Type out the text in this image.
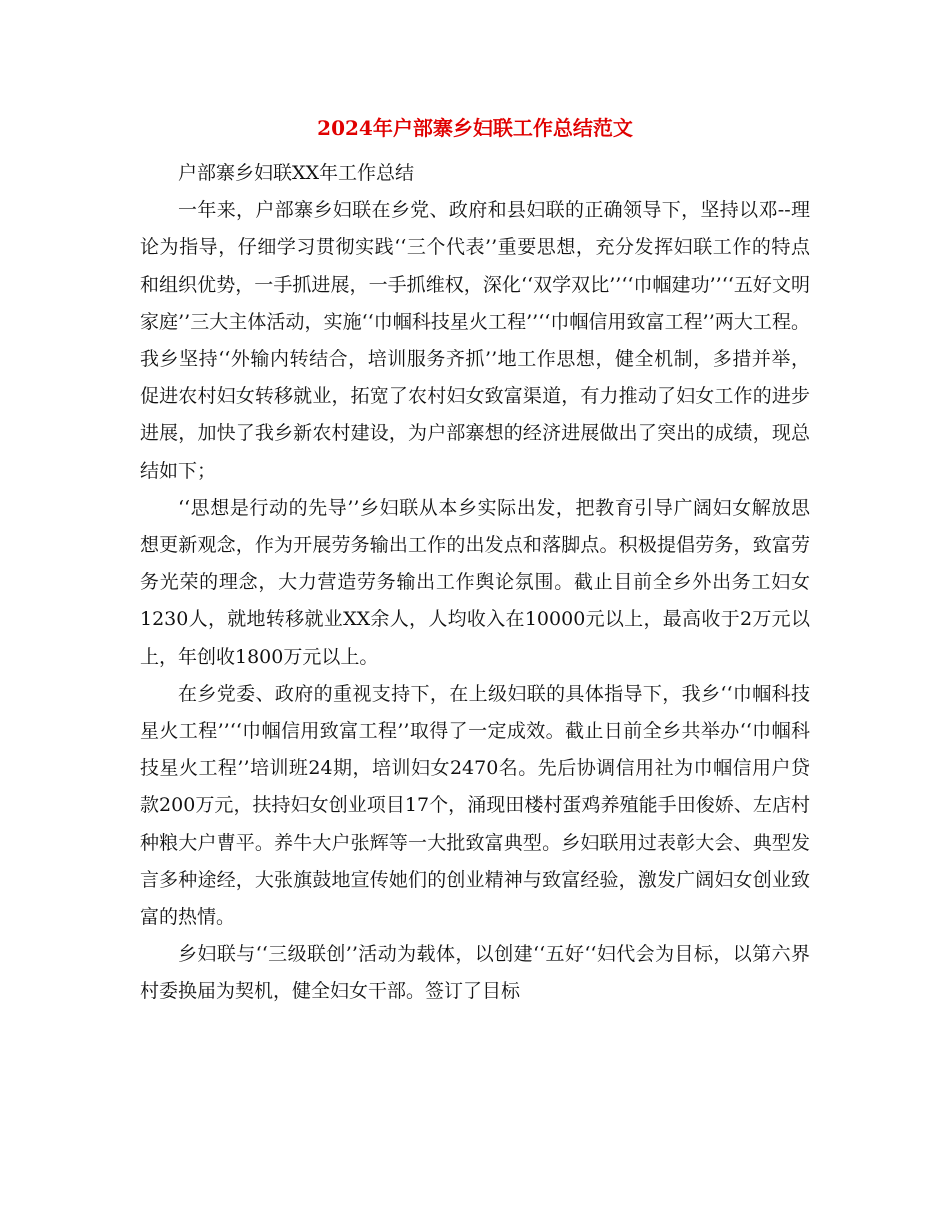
2024年户部寨乡妇联工作总结范文

户部寨乡妇联XX年工作总结

一年来，户部寨乡妇联在乡党、政府和县妇联的正确领导下，坚持以邓--理论为指导，仔细学习贯彻实践‘‘三个代表’’重要思想，充分发挥妇联工作的特点和组织优势，一手抓进展，一手抓维权，深化‘‘双学双比’’‘‘巾帼建功’’‘‘五好文明家庭’’三大主体活动，实施‘‘巾帼科技星火工程’’‘‘巾帼信用致富工程’’两大工程。我乡坚持‘‘外输内转结合，培训服务齐抓’’地工作思想，健全机制，多措并举，促进农村妇女转移就业，拓宽了农村妇女致富渠道，有力推动了妇女工作的进步进展，加快了我乡新农村建设，为户部寨想的经济进展做出了突出的成绩，现总结如下；

‘‘思想是行动的先导’’乡妇联从本乡实际出发，把教育引导广阔妇女解放思想更新观念，作为开展劳务输出工作的出发点和落脚点。积极提倡劳务，致富劳务光荣的理念，大力营造劳务输出工作舆论氛围。截止目前全乡外出务工妇女1230人，就地转移就业XX余人，人均收入在10000元以上，最高收于2万元以上，年创收1800万元以上。

在乡党委、政府的重视支持下，在上级妇联的具体指导下，我乡‘‘巾帼科技星火工程’’‘‘巾帼信用致富工程’’取得了一定成效。截止日前全乡共举办‘‘巾帼科技星火工程’’培训班24期，培训妇女2470名。先后协调信用社为巾帼信用户贷款200万元，扶持妇女创业项目17个，涌现田楼村蛋鸡养殖能手田俊娇、左店村种粮大户曹平。养牛大户张辉等一大批致富典型。乡妇联用过表彰大会、典型发言多种途经，大张旗鼓地宣传她们的创业精神与致富经验，激发广阔妇女创业致富的热情。

乡妇联与‘‘三级联创’’活动为载体，以创建‘‘五好‘‘妇代会为目标，以第六界村委换届为契机，健全妇女干部。签订了目标
